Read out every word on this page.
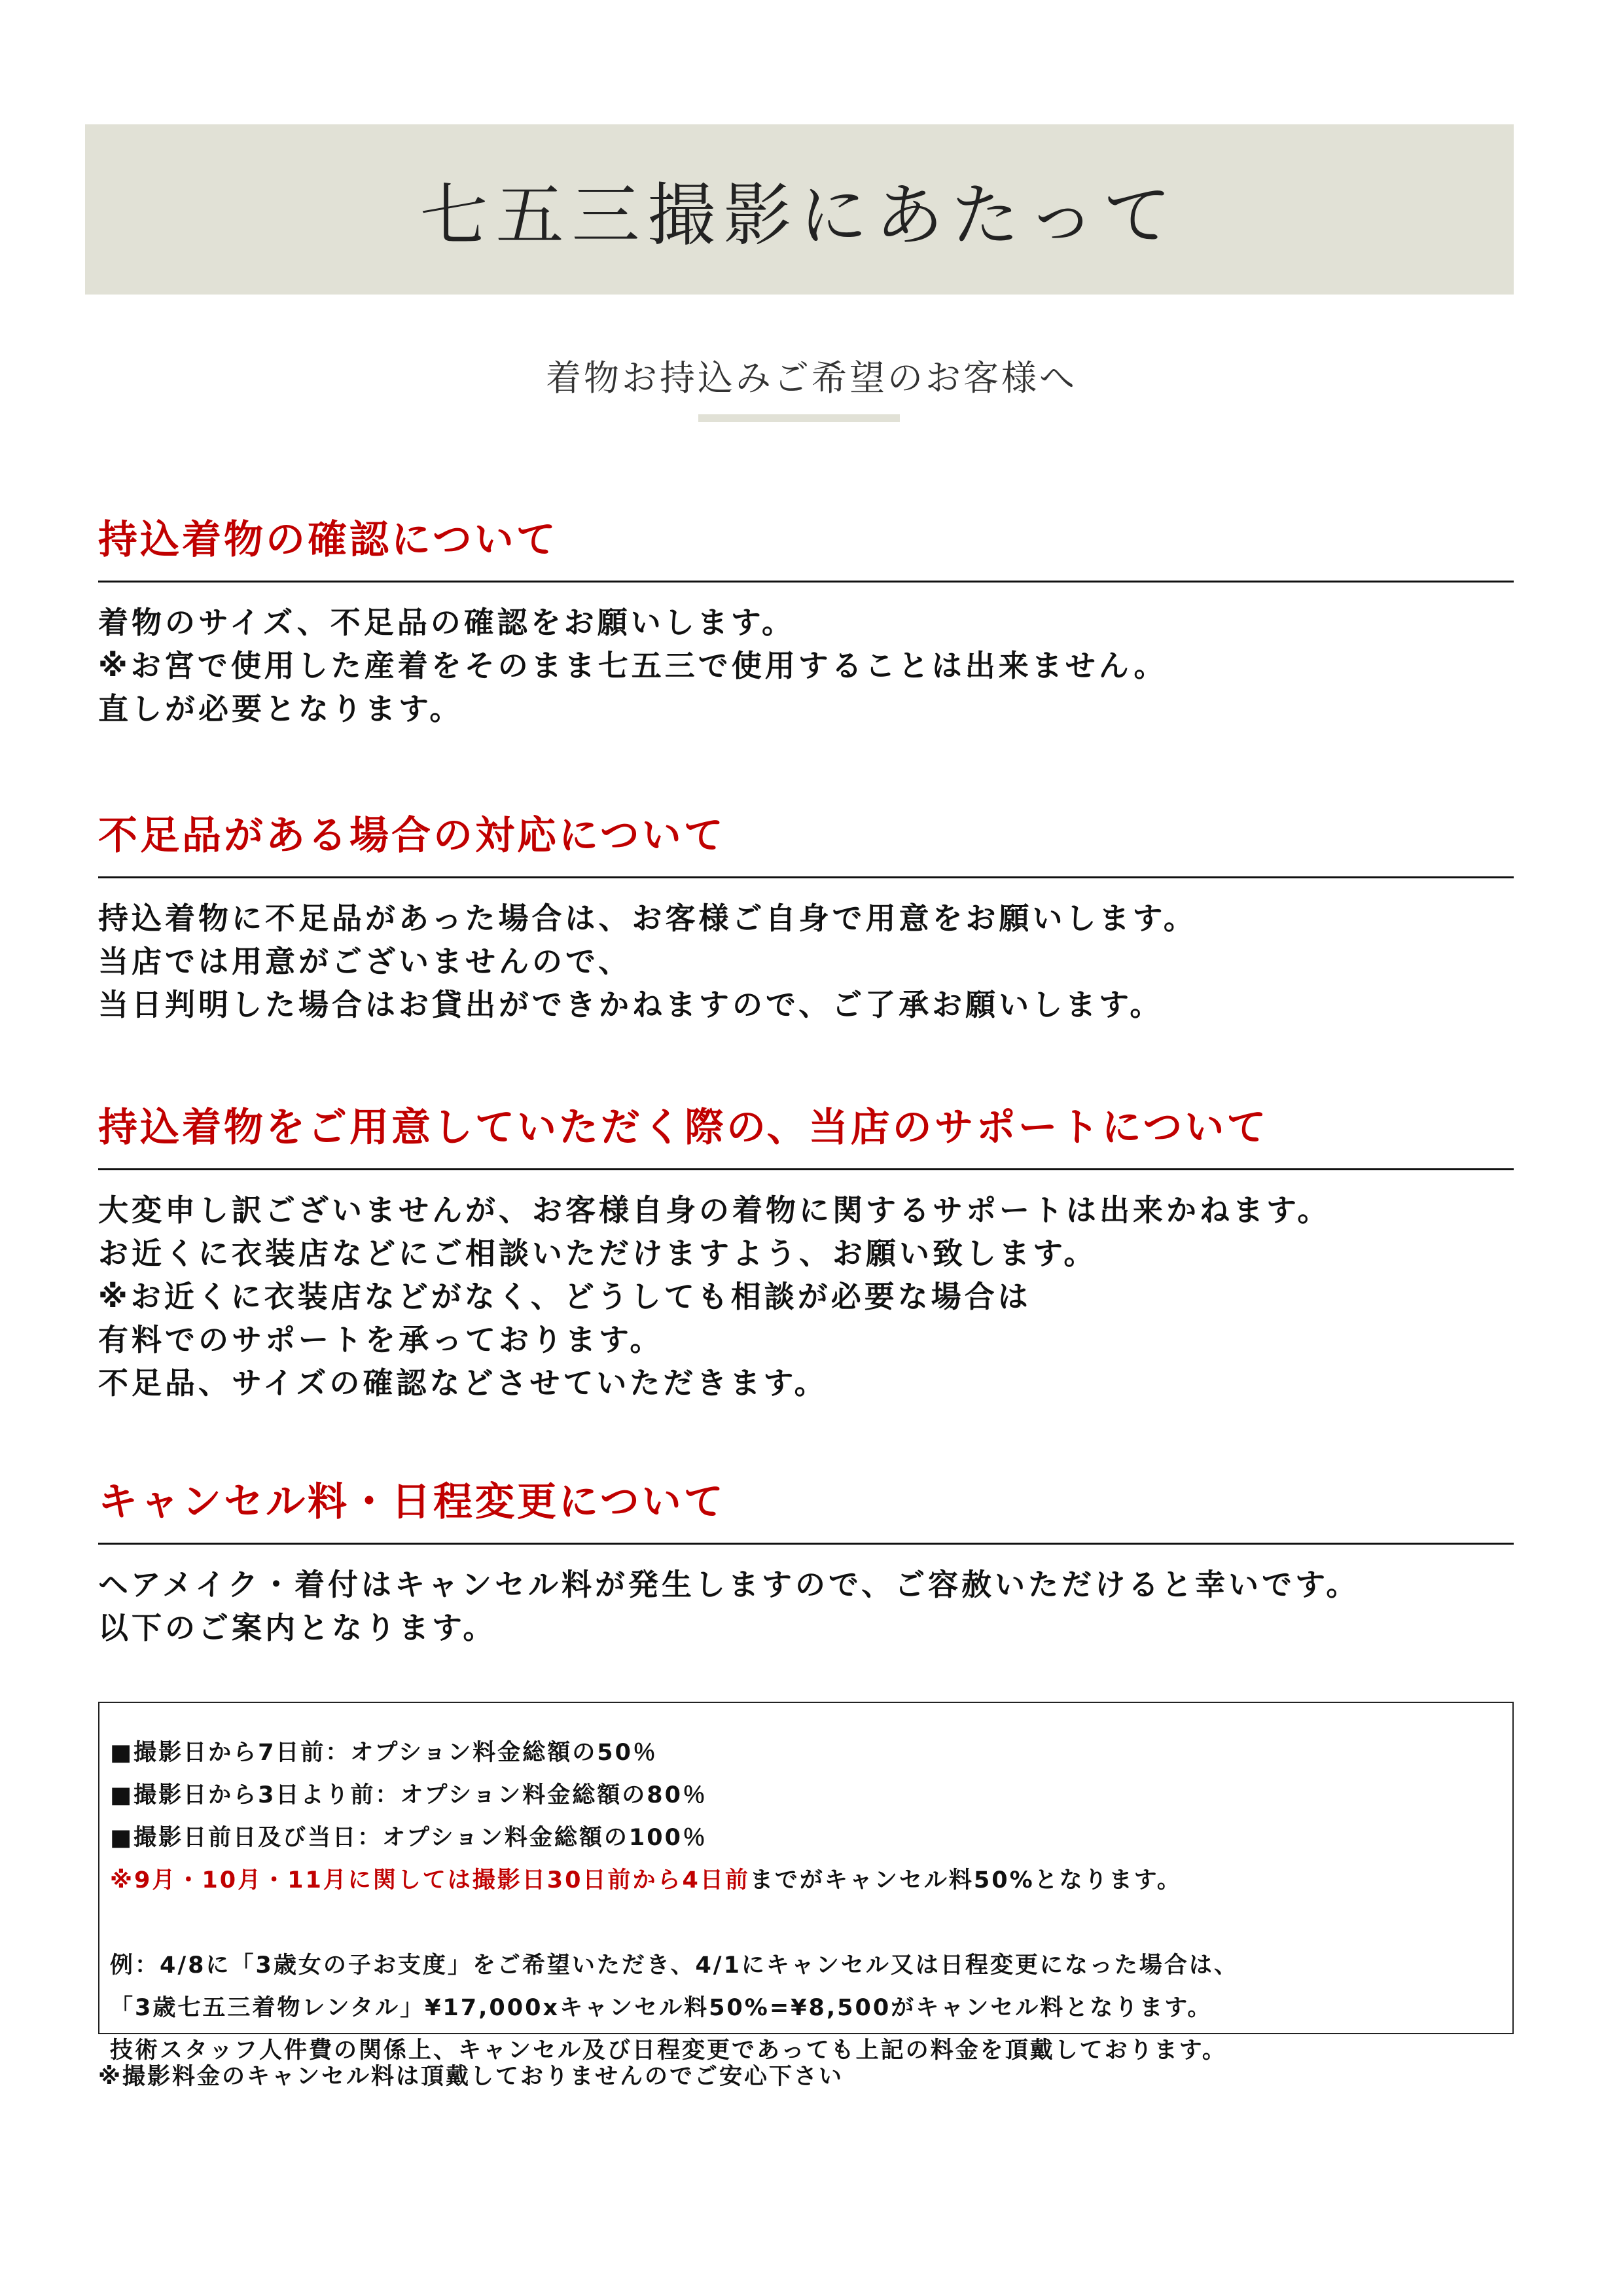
七五三撮影にあたって
着物お持込みご希望のお客様へ
持込着物の確認について
着物のサイズ、不足品の確認をお願いします。
※お宮で使用した産着をそのまま七五三で使用することは出来ません。
直しが必要となります。
不足品がある場合の対応について
持込着物に不足品があった場合は、お客様ご自身で用意をお願いします。
当店では用意がございませんので、
当日判明した場合はお貸出ができかねますので、ご了承お願いします。
持込着物をご用意していただく際の、当店のサポートについて
大変申し訳ございませんが、お客様自身の着物に関するサポートは出来かねます。
お近くに衣装店などにご相談いただけますよう、お願い致します。
※お近くに衣装店などがなく、どうしても相談が必要な場合は
有料でのサポートを承っております。
不足品、サイズの確認などさせていただきます。
キャンセル料・日程変更について
ヘアメイク・着付はキャンセル料が発生しますので、ご容赦いただけると幸いです。
以下のご案内となります。
■撮影日から7日前：オプション料金総額の50％
■撮影日から3日より前：オプション料金総額の80％
■撮影日前日及び当日：オプション料金総額の100％
※9月・10月・11月に関しては撮影日30日前から4日前までがキャンセル料50%となります。
例：4/8に「3歳女の子お支度」をご希望いただき、4/1にキャンセル又は日程変更になった場合は、
「3歳七五三着物レンタル」¥17,000xキャンセル料50%=¥8,500がキャンセル料となります。
技術スタッフ人件費の関係上、キャンセル及び日程変更であっても上記の料金を頂戴しております。
※撮影料金のキャンセル料は頂戴しておりませんのでご安心下さい
